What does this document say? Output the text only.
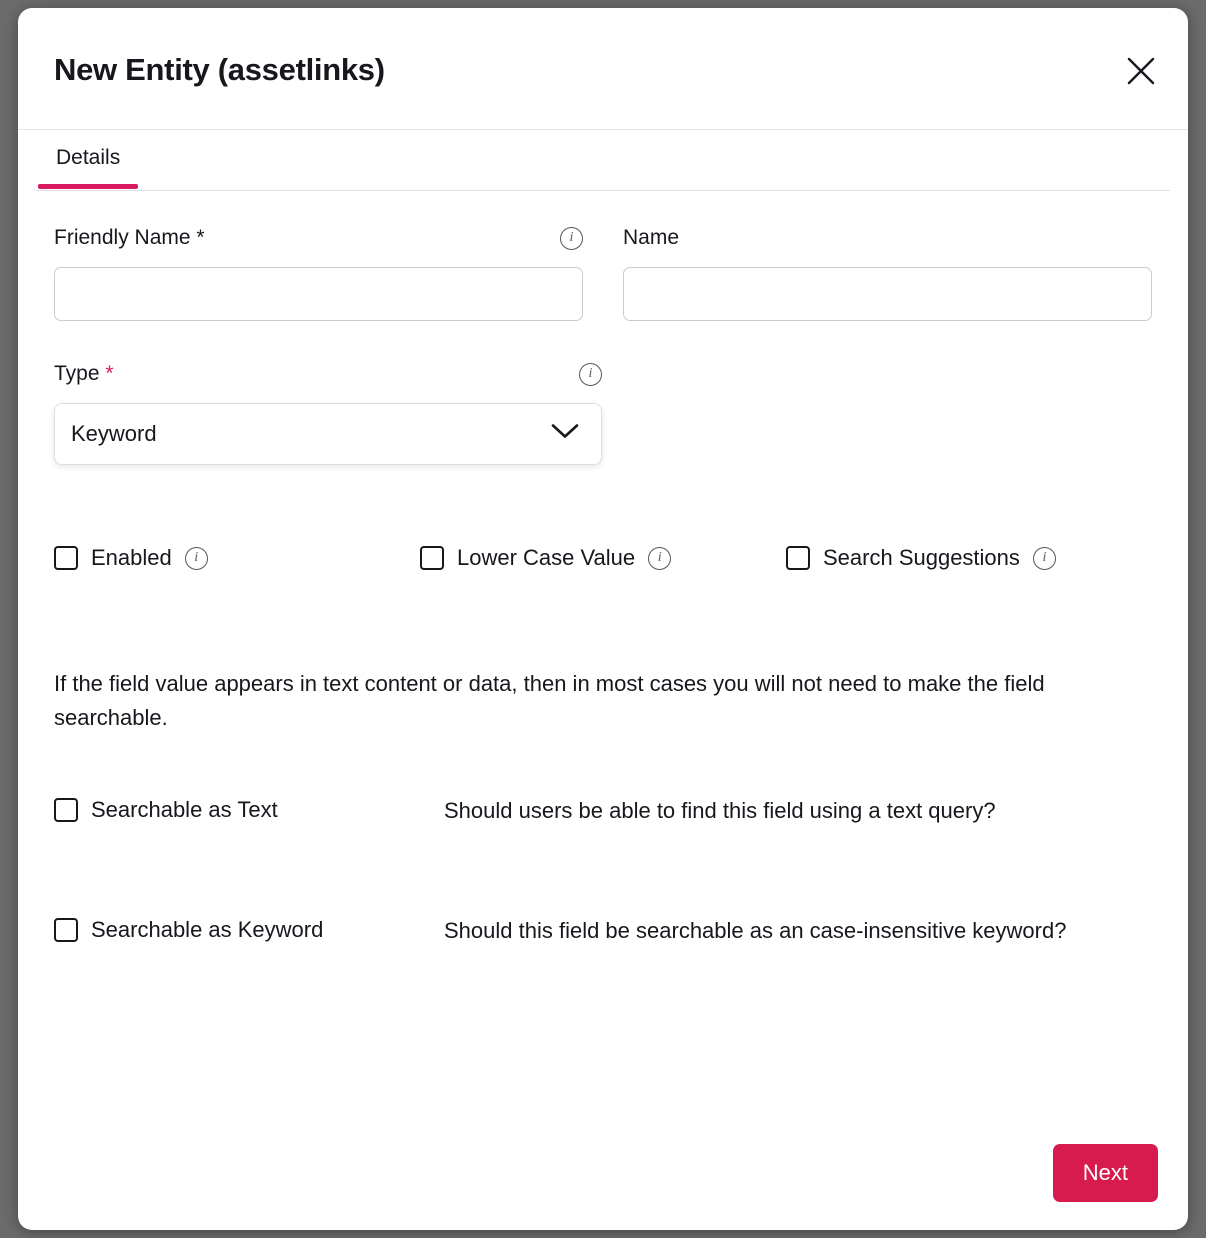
New Entity (assetlinks)
Details
Friendly Name *	i	Name
Type *	i
Keyword
Enabled	i	Lower Case Value	i	Search Suggestions	i
If the field value appears in text content or data, then in most cases you will not need to make the field searchable.
Searchable as Text	Should users be able to find this field using a text query?
Searchable as Keyword	Should this field be searchable as an case-insensitive keyword?
Next
